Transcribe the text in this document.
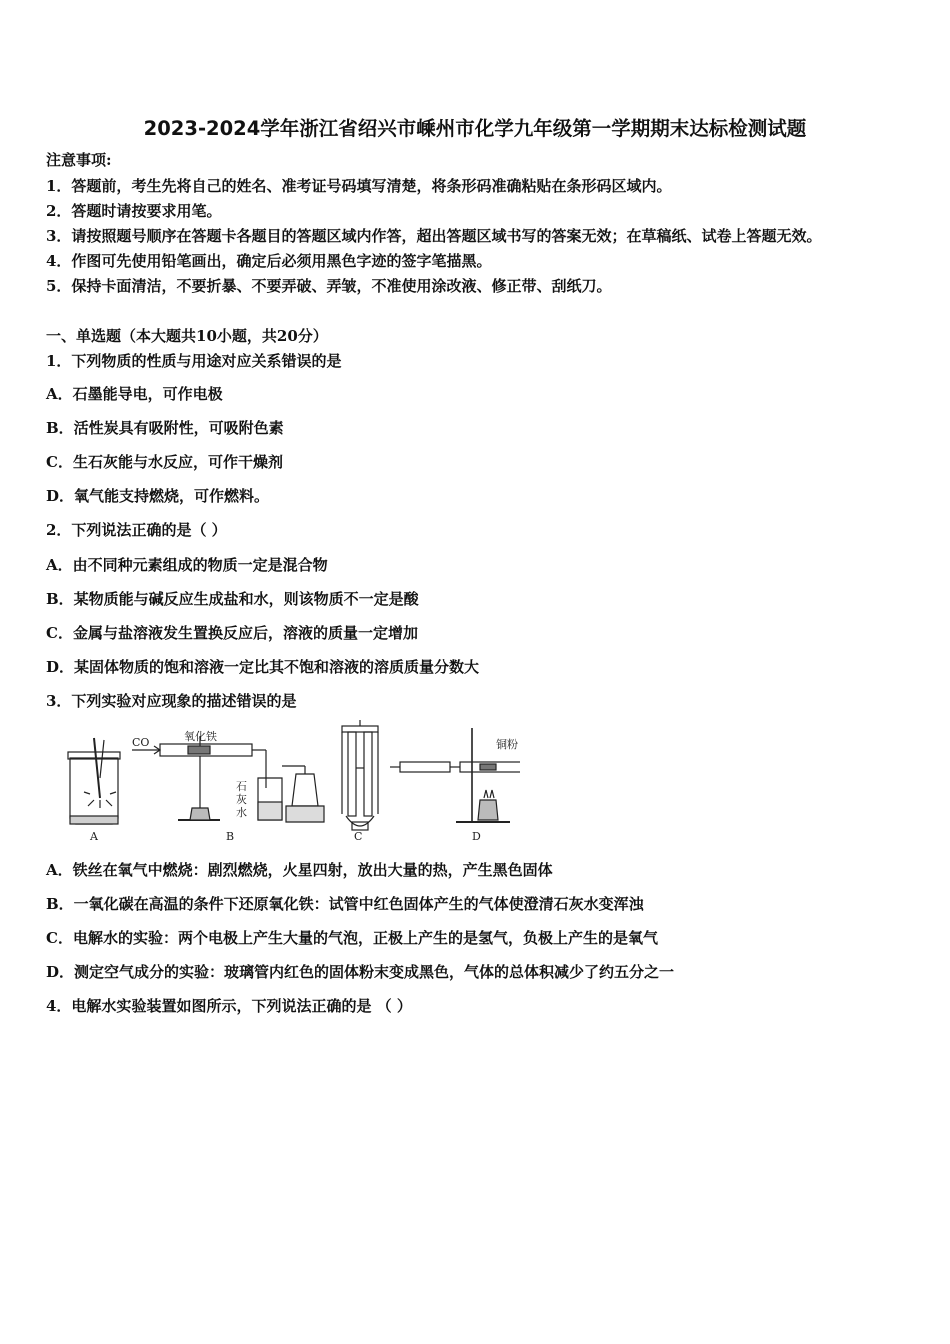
2023-2024学年浙江省绍兴市嵊州市化学九年级第一学期期末达标检测试题
注意事项:
1．答题前，考生先将自己的姓名、准考证号码填写清楚，将条形码准确粘贴在条形码区域内。
2．答题时请按要求用笔。
3．请按照题号顺序在答题卡各题目的答题区域内作答，超出答题区域书写的答案无效；在草稿纸、试卷上答题无效。
4．作图可先使用铅笔画出，确定后必须用黑色字迹的签字笔描黑。
5．保持卡面清洁，不要折暴、不要弄破、弄皱，不准使用涂改液、修正带、刮纸刀。
一、单选题（本大题共10小题，共20分）
1．下列物质的性质与用途对应关系错误的是
A．石墨能导电，可作电极
B．活性炭具有吸附性，可吸附色素
C．生石灰能与水反应，可作干燥剂
D．氧气能支持燃烧，可作燃料。
2．下列说法正确的是（ ）
A．由不同种元素组成的物质一定是混合物
B．某物质能与碱反应生成盐和水，则该物质不一定是酸
C．金属与盐溶液发生置换反应后，溶液的质量一定增加
D．某固体物质的饱和溶液一定比其不饱和溶液的溶质质量分数大
3．下列实验对应现象的描述错误的是
A
CO	氧化铁
石
灰
水
B	C
铜粉
D
A．铁丝在氧气中燃烧：剧烈燃烧，火星四射，放出大量的热，产生黑色固体
B．一氧化碳在高温的条件下还原氧化铁：试管中红色固体产生的气体使澄清石灰水变浑浊
C．电解水的实验：两个电极上产生大量的气泡，正极上产生的是氢气，负极上产生的是氧气
D．测定空气成分的实验：玻璃管内红色的固体粉末变成黑色，气体的总体积减少了约五分之一
4．电解水实验装置如图所示，下列说法正确的是 （ ）
